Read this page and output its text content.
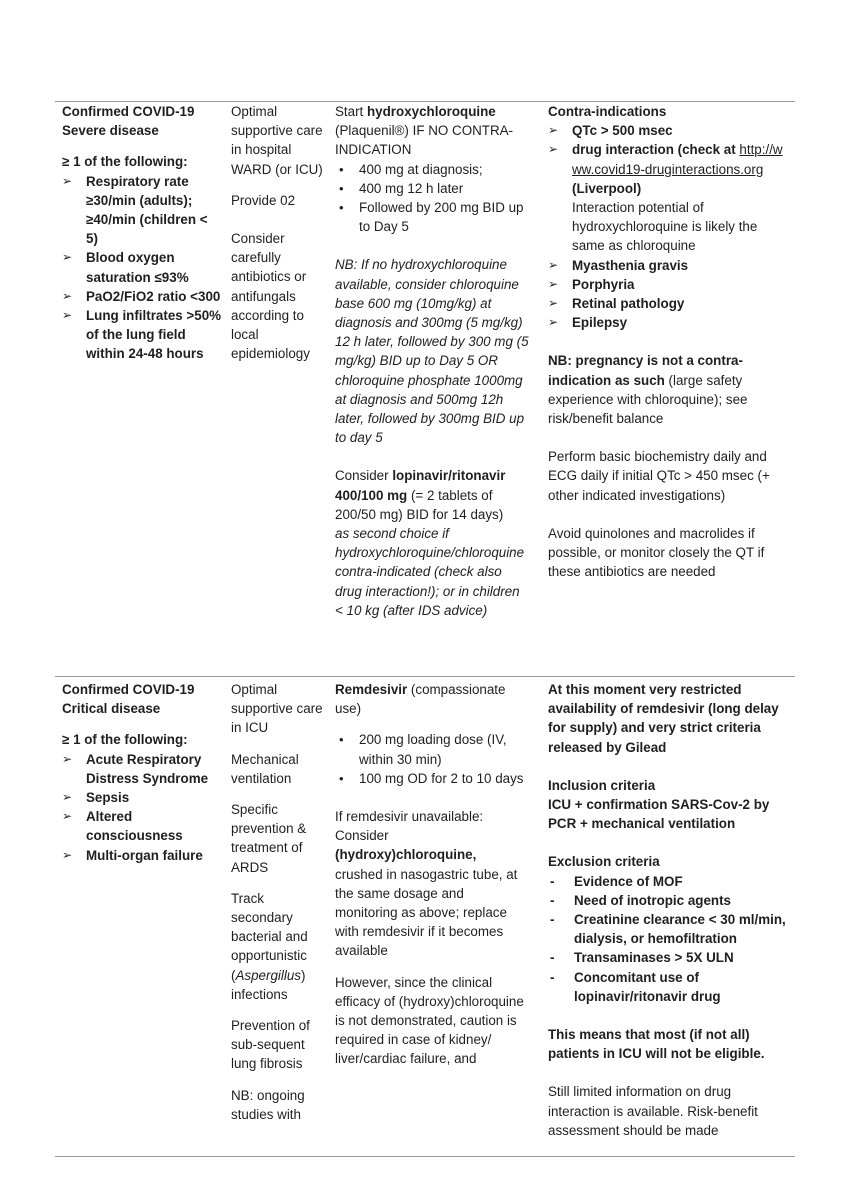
Confirmed COVID-19

Severe disease

≥ 1 of the following:

➢ Respiratory rate ≥30/min (adults); ≥40/min (children < 5)
➢ Blood oxygen saturation ≤93%
➢ PaO2/FiO2 ratio <300
➢ Lung infiltrates >50% of the lung field within 24-48 hours

Optimal supportive care in hospital WARD (or ICU)

Provide 02

Consider carefully antibiotics or antifungals according to local epidemiology

Start hydroxychloroquine

(Plaquenil®) IF NO CONTRA-INDICATION

• 400 mg at diagnosis;
• 400 mg 12 h later
• Followed by 200 mg BID up to Day 5

NB: If no hydroxychloroquine available, consider chloroquine base 600 mg (10mg/kg) at diagnosis and 300mg (5 mg/kg) 12 h later, followed by 300 mg (5 mg/kg) BID up to Day 5 OR chloroquine phosphate 1000mg at diagnosis and 500mg 12h later, followed by 300mg BID up to day 5

Consider lopinavir/ritonavir 400/100 mg (= 2 tablets of 200/50 mg) BID for 14 days)

as second choice if hydroxychloroquine/chloroquine contra-indicated (check also drug interaction!); or in children < 10 kg (after IDS advice)

Contra-indications

➢ QTc > 500 msec
➢ drug interaction (check at http://www.covid19-druginteractions.org (Liverpool)
Interaction potential of hydroxychloroquine is likely the same as chloroquine
➢ Myasthenia gravis
➢ Porphyria
➢ Retinal pathology
➢ Epilepsy

NB: pregnancy is not a contra-indication as such (large safety experience with chloroquine); see risk/benefit balance

Perform basic biochemistry daily and ECG daily if initial QTc > 450 msec (+ other indicated investigations)

Avoid quinolones and macrolides if possible, or monitor closely the QT if these antibiotics are needed

Confirmed COVID-19

Critical disease

≥ 1 of the following:

➢ Acute Respiratory Distress Syndrome
➢ Sepsis
➢ Altered consciousness
➢ Multi-organ failure

Optimal supportive care in ICU

Mechanical ventilation

Specific prevention & treatment of ARDS

Track secondary bacterial and opportunistic (Aspergillus) infections

Prevention of sub-sequent lung fibrosis

NB: ongoing studies with

Remdesivir (compassionate use)

• 200 mg loading dose (IV, within 30 min)
• 100 mg OD for 2 to 10 days

If remdesivir unavailable: Consider

(hydroxy)chloroquine,

crushed in nasogastric tube, at the same dosage and monitoring as above; replace with remdesivir if it becomes available

However, since the clinical efficacy of (hydroxy)chloroquine is not demonstrated, caution is required in case of kidney/ liver/cardiac failure, and

At this moment very restricted availability of remdesivir (long delay for supply) and very strict criteria released by Gilead

Inclusion criteria

ICU + confirmation SARS-Cov-2 by PCR + mechanical ventilation

Exclusion criteria

- Evidence of MOF
- Need of inotropic agents
- Creatinine clearance < 30 ml/min, dialysis, or hemofiltration
- Transaminases > 5X ULN
- Concomitant use of lopinavir/ritonavir drug

This means that most (if not all) patients in ICU will not be eligible.

Still limited information on drug interaction is available. Risk-benefit assessment should be made
